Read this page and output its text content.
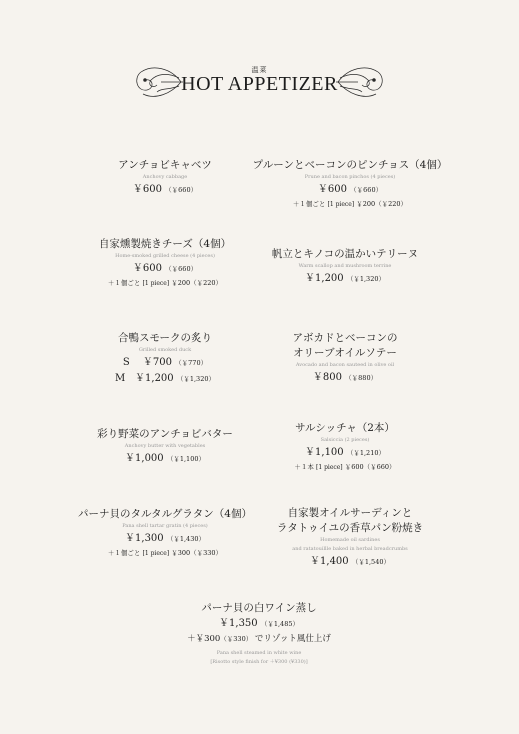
温菜
HOT APPETIZER
アンチョビキャベツ
Anchovy cabbage
￥600 （￥660）
プルーンとベーコンのピンチョス（4個）
Prune and bacon pinchos (4 pieces)
￥600 （￥660）
＋１個ごと [1 piece] ￥200（￥220）
自家燻製焼きチーズ（4個）
Home-smoked grilled cheese (4 pieces)
￥600 （￥660）
＋１個ごと [1 piece] ￥200（￥220）
帆立とキノコの温かいテリーヌ
Warm scallop and mushroom terrine
￥1,200 （￥1,320）
合鴨スモークの炙り
Grilled smoked duck
S ￥700 （￥770）
M ￥1,200 （￥1,320）
アボカドとベーコンの
オリーブオイルソテー
Avocado and bacon sauteed in olive oil
￥800 （￥880）
彩り野菜のアンチョビバター
Anchovy butter with vegetables
￥1,000 （￥1,100）
サルシッチャ（2本）
Salsiccia (2 pieces)
￥1,100 （￥1,210）
＋１本 [1 piece] ￥600（￥660）
パーナ貝のタルタルグラタン（4個）
Pana shell tartar gratin (4 pieces)
￥1,300 （￥1,430）
＋１個ごと [1 piece] ￥300（￥330）
自家製オイルサーディンと
ラタトゥイユの香草パン粉焼き
Homemade oil sardines
and ratatouillle baked in herbal breadcrumbs
￥1,400 （￥1,540）
パーナ貝の白ワイン蒸し
￥1,350 （￥1,485）
＋￥300（￥330） でリゾット風仕上げ
Pana shell steamed in white wine
[Risotto style finish for ＋¥300 (¥330)]
